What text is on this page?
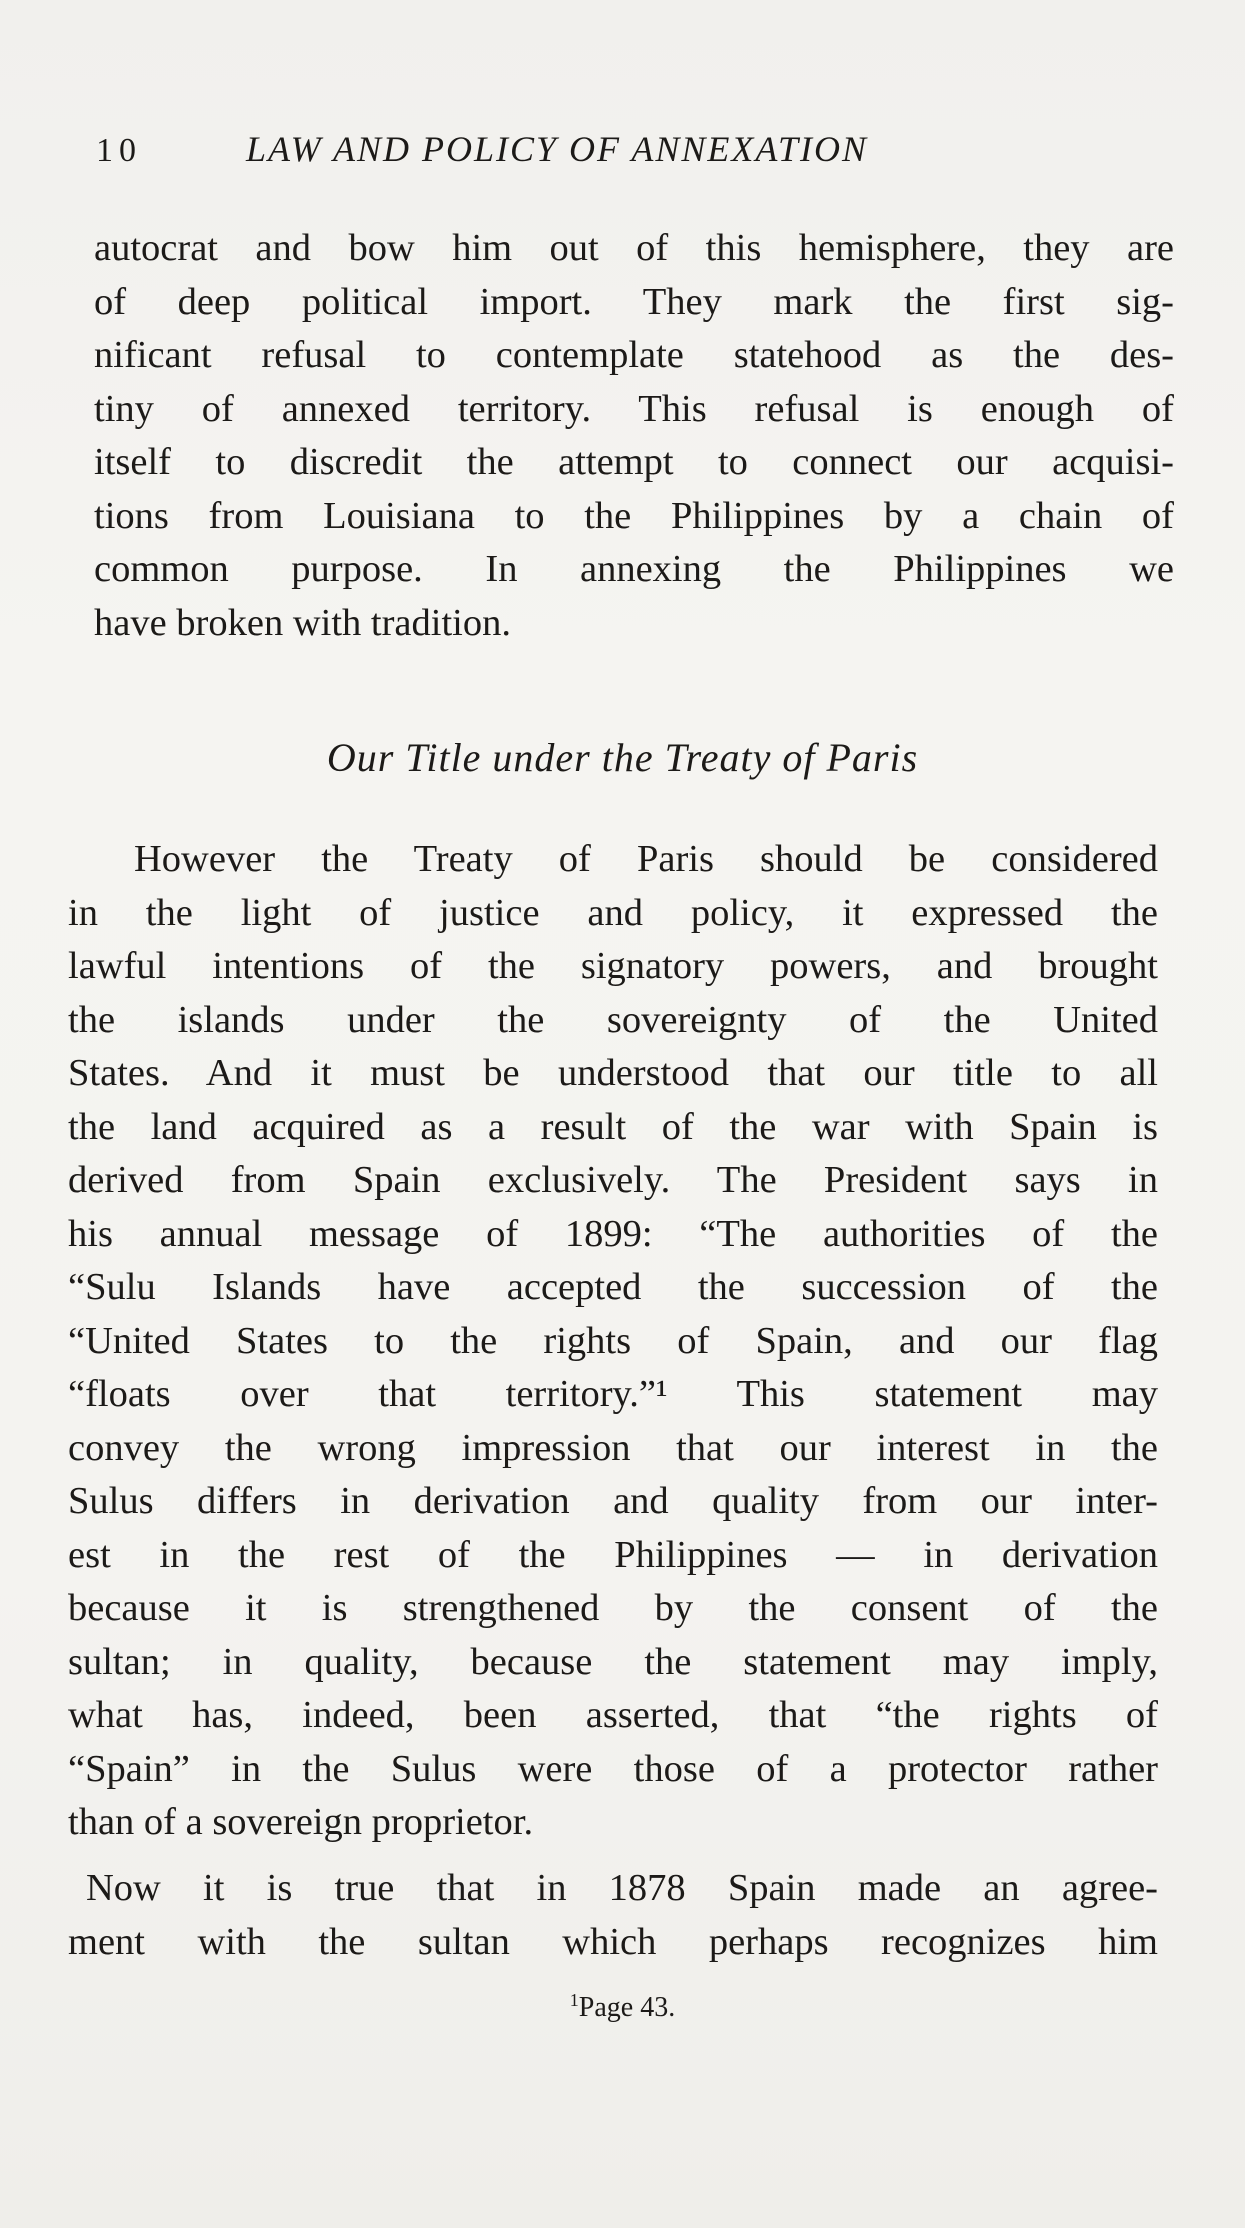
10	LAW AND POLICY OF ANNEXATION
autocrat and bow him out of this hemisphere, they are
of deep political import. They mark the first sig-
nificant refusal to contemplate statehood as the des-
tiny of annexed territory. This refusal is enough of
itself to discredit the attempt to connect our acquisi-
tions from Louisiana to the Philippines by a chain of
common purpose. In annexing the Philippines we
have broken with tradition.
Our Title under the Treaty of Paris
However the Treaty of Paris should be considered
in the light of justice and policy, it expressed the
lawful intentions of the signatory powers, and brought
the islands under the sovereignty of the United
States. And it must be understood that our title to all
the land acquired as a result of the war with Spain is
derived from Spain exclusively. The President says in
his annual message of 1899: “The authorities of the
“Sulu Islands have accepted the succession of the
“United States to the rights of Spain, and our flag
“floats over that territory.”¹ This statement may
convey the wrong impression that our interest in the
Sulus differs in derivation and quality from our inter-
est in the rest of the Philippines — in derivation
because it is strengthened by the consent of the
sultan; in quality, because the statement may imply,
what has, indeed, been asserted, that “the rights of
“Spain” in the Sulus were those of a protector rather
than of a sovereign proprietor.
Now it is true that in 1878 Spain made an agree-
ment with the sultan which perhaps recognizes him
$^1$Page 43.
